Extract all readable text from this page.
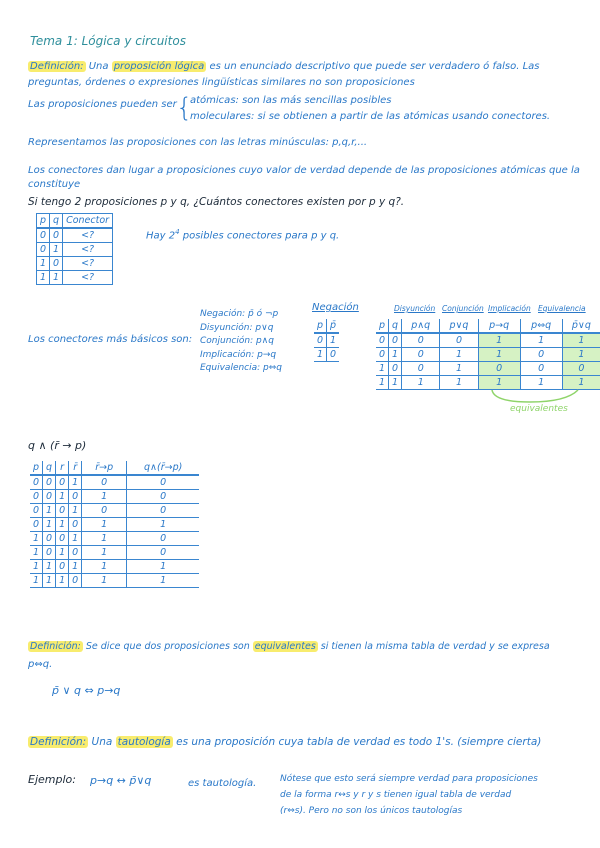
Tema 1: Lógica y circuitos
Definición: Una proposición lógica es un enunciado descriptivo que puede ser verdadero ó falso. Las
preguntas, órdenes o expresiones lingüísticas similares no son proposiciones
Las proposiciones pueden ser {
atómicas: son las más sencillas posibles
moleculares: si se obtienen a partir de las atómicas usando conectores.
Representamos las proposiciones con las letras minúsculas: p,q,r,...
Los conectores dan lugar a proposiciones cuyo valor de verdad depende de las proposiciones atómicas que la
constituye
Si tengo 2 proposiciones p y q, ¿Cuántos conectores existen por p y q?.
p	q	Conector
0	0	<?
0	1	<?
1	0	<?
1	1	<?
Hay $2^4$ posibles conectores para p y q.
Los conectores más básicos son:
Negación: p̄ ó ¬p
Disyunción: p∨q
Conjunción: p∧q
Implicación: p→q
Equivalencia: p⇔q
Negación
p	p̄
0	1
1	0
Disyunción Conjunción Implicación Equivalencia
p	q	p∧q	p∨q	p→q	p⇔q	p̄∨q
0	0	0	0	1	1	1
0	1	0	1	1	0	1
1	0	0	1	0	0	0
1	1	1	1	1	1	1
equivalentes
q ∧ (r̄ → p)
p	q	r	r̄	r̄→p	q∧(r̄→p)
0	0	0	1	0	0
0	0	1	0	1	0
0	1	0	1	0	0
0	1	1	0	1	1
1	0	0	1	1	0
1	0	1	0	1	0
1	1	0	1	1	1
1	1	1	0	1	1
Definición: Se dice que dos proposiciones son equivalentes si tienen la misma tabla de verdad y se expresa
p⇔q.
p̄ ∨ q ⇔ p→q
Definición: Una tautología es una proposición cuya tabla de verdad es todo 1's. (siempre cierta)
Ejemplo: p→q ↔ p̄∨q	es tautología.	Nótese que esto será siempre verdad para proposiciones
de la forma r↔s y r y s tienen igual tabla de verdad
(r⇔s). Pero no son los únicos tautologías
